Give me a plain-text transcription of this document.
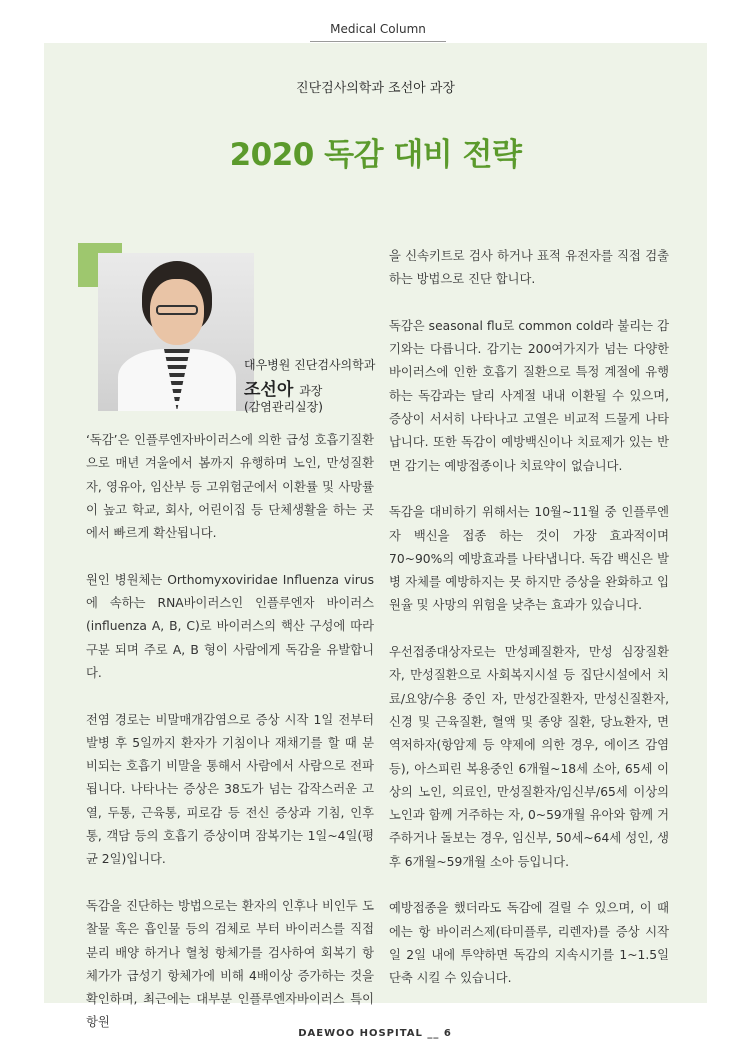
Medical Column
진단검사의학과 조선아 과장
2020 독감 대비 전략
대우병원 진단검사의학과
조선아 과장
(감염관리실장)

‘독감’은 인플루엔자바이러스에 의한 급성 호흡기질환으로 매년 겨울에서 봄까지 유행하며 노인, 만성질환자, 영유아, 임산부 등 고위험군에서 이환률 및 사망률이 높고 학교, 회사, 어린이집 등 단체생활을 하는 곳에서 빠르게 확산됩니다.

원인 병원체는 Orthomyxoviridae Influenza virus에 속하는 RNA바이러스인 인플루엔자 바이러스 (influenza A, B, C)로 바이러스의 핵산 구성에 따라 구분 되며 주로 A, B 형이 사람에게 독감을 유발합니다.

전염 경로는 비말매개감염으로 증상 시작 1일 전부터 발병 후 5일까지 환자가 기침이나 재채기를 할 때 분비되는 호흡기 비말을 통해서 사람에서 사람으로 전파됩니다. 나타나는 증상은 38도가 넘는 갑작스러운 고열, 두통, 근육통, 피로감 등 전신 증상과 기침, 인후 통, 객담 등의 호흡기 증상이며 잠복기는 1일~4일(평균 2일)입니다.

독감을 진단하는 방법으로는 환자의 인후나 비인두 도찰물 혹은 흡인물 등의 검체로 부터 바이러스를 직접 분리 배양 하거나 혈청 항체가를 검사하여 회복기 항체가가 급성기 항체가에 비해 4배이상 증가하는 것을 확인하며, 최근에는 대부분 인플루엔자바이러스 특이 항원

을 신속키트로 검사 하거나 표적 유전자를 직접 검출하는 방법으로 진단 합니다.

독감은 seasonal flu로 common cold라 불리는 감기와는 다릅니다. 감기는 200여가지가 넘는 다양한 바이러스에 인한 호흡기 질환으로 특정 계절에 유행하는 독감과는 달리 사계절 내내 이환될 수 있으며, 증상이 서서히 나타나고 고열은 비교적 드물게 나타납니다. 또한 독감이 예방백신이나 치료제가 있는 반면 감기는 예방접종이나 치료약이 없습니다.

독감을 대비하기 위해서는 10월~11월 중 인플루엔자 백신을 접종 하는 것이 가장 효과적이며 70~90%의 예방효과를 나타냅니다. 독감 백신은 발병 자체를 예방하지는 못 하지만 증상을 완화하고 입원율 및 사망의 위험을 낮추는 효과가 있습니다.

우선접종대상자로는 만성폐질환자, 만성 심장질환자, 만성질환으로 사회복지시설 등 집단시설에서 치료/요양/수용 중인 자, 만성간질환자, 만성신질환자, 신경 및 근육질환, 혈액 및 종양 질환, 당뇨환자, 면역저하자(항암제 등 약제에 의한 경우, 에이즈 감염 등), 아스피린 복용중인 6개월~18세 소아, 65세 이상의 노인, 의료인, 만성질환자/임신부/65세 이상의 노인과 함께 거주하는 자, 0~59개월 유아와 함께 거주하거나 돌보는 경우, 임신부, 50세~64세 성인, 생후 6개월~59개월 소아 등입니다.

예방접종을 했더라도 독감에 걸릴 수 있으며, 이 때에는 항 바이러스제(타미플루, 리렌자)를 증상 시작일 2일 내에 투약하면 독감의 지속시기를 1~1.5일 단축 시킬 수 있습니다.

DAEWOO HOSPITAL __ 6
